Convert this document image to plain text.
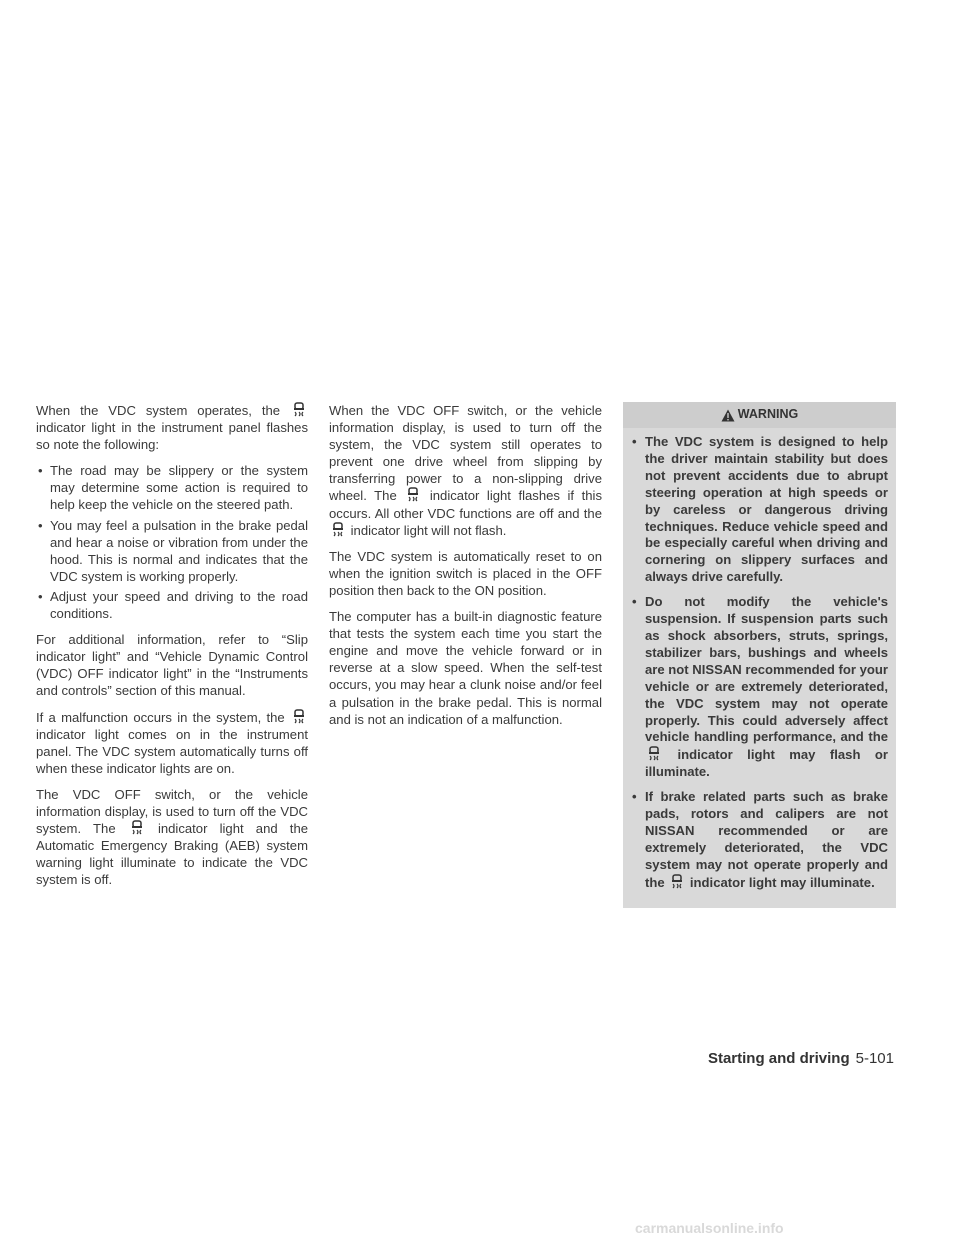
When the VDC system operates, the
indicator light in the instrument panel flashes so note the following:

• The road may be slippery or the system may determine some action is required to help keep the vehicle on the steered path.
• You may feel a pulsation in the brake pedal and hear a noise or vibration from under the hood. This is normal and indicates that the VDC system is working properly.
• Adjust your speed and driving to the road conditions.

For additional information, refer to “Slip indicator light” and “Vehicle Dynamic Control (VDC) OFF indicator light” in the “Instruments and controls” section of this manual.

If a malfunction occurs in the system, the
indicator light comes on in the instrument panel. The VDC system automatically turns off when these indicator lights are on.

The VDC OFF switch, or the vehicle information display, is used to turn off the VDC system. The	indicator light and the Automatic Emergency Braking (AEB) system warning light illuminate to indicate the VDC system is off.

When the VDC OFF switch, or the vehicle information display, is used to turn off the system, the VDC system still operates to prevent one drive wheel from slipping by transferring power to a non-slipping drive wheel. The	indicator light flashes if this occurs. All other VDC functions are off and the
indicator light will not flash.

The VDC system is automatically reset to on when the ignition switch is placed in the OFF position then back to the ON position.

The computer has a built-in diagnostic feature that tests the system each time you start the engine and move the vehicle forward or in reverse at a slow speed. When the self-test occurs, you may hear a clunk noise and/or feel a pulsation in the brake pedal. This is normal and is not an indication of a malfunction.

WARNING
• The VDC system is designed to help the driver maintain stability but does not prevent accidents due to abrupt steering operation at high speeds or by careless or dangerous driving techniques. Reduce vehicle speed and be especially careful when driving and cornering on slippery surfaces and always drive carefully.
• Do not modify the vehicle's suspension. If suspension parts such as shock absorbers, struts, springs, stabilizer bars, bushings and wheels are not NISSAN recommended for your vehicle or are extremely deteriorated, the VDC system may not operate properly. This could adversely affect vehicle handling performance, and the
indicator light may flash or illuminate.
• If brake related parts such as brake pads, rotors and calipers are not NISSAN recommended or are extremely deteriorated, the VDC system may not operate properly and the indicator light may illuminate.
Starting and driving 5-101
carmanualsonline.info
